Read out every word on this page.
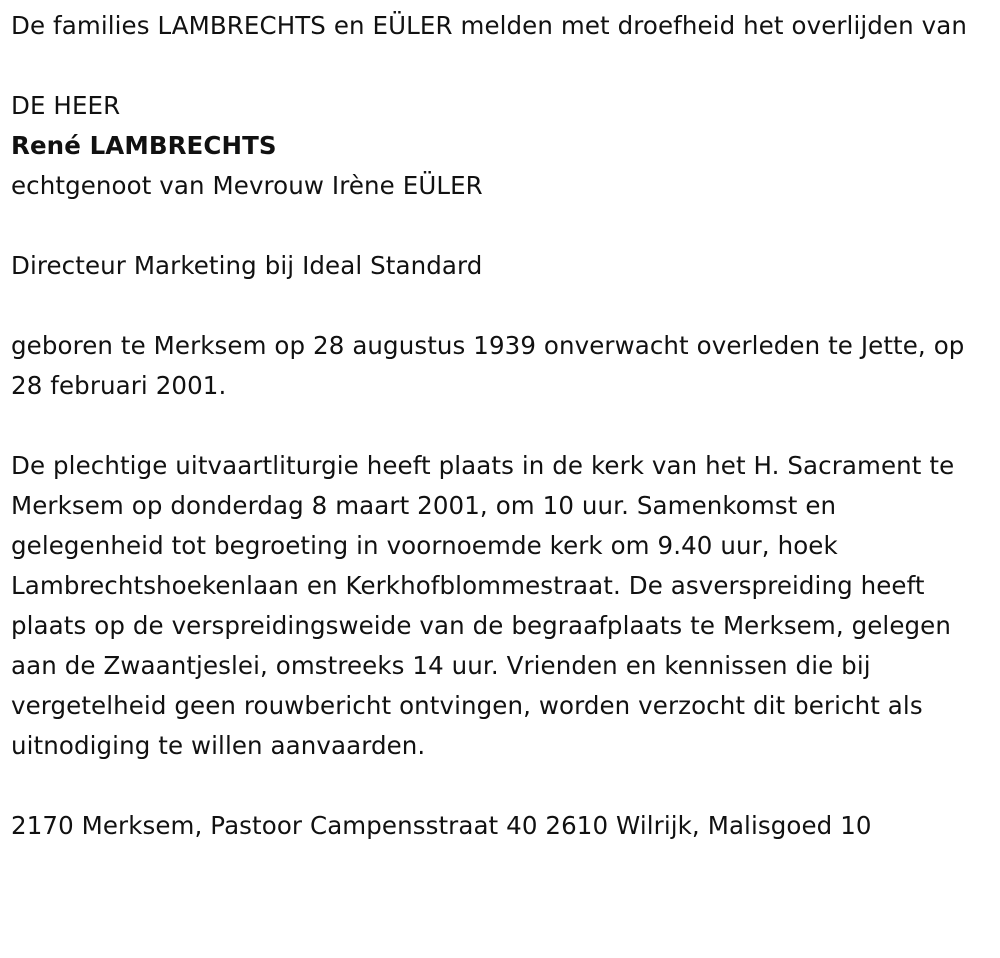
De families LAMBRECHTS en EÜLER melden met droefheid het overlijden van

DE HEER

René LAMBRECHTS

echtgenoot van Mevrouw Irène EÜLER

Directeur Marketing bij Ideal Standard

geboren te Merksem op 28 augustus 1939 onverwacht overleden te Jette, op 28 februari 2001.

De plechtige uitvaartliturgie heeft plaats in de kerk van het H. Sacrament te Merksem op donderdag 8 maart 2001, om 10 uur. Samenkomst en gelegenheid tot begroeting in voornoemde kerk om 9.40 uur, hoek Lambrechtshoekenlaan en Kerkhofblommestraat. De asverspreiding heeft plaats op de verspreidingsweide van de begraafplaats te Merksem, gelegen aan de Zwaantjeslei, omstreeks 14 uur. Vrienden en kennissen die bij vergetelheid geen rouwbericht ontvingen, worden verzocht dit bericht als uitnodiging te willen aanvaarden.

2170 Merksem, Pastoor Campensstraat 40 2610 Wilrijk, Malisgoed 10
